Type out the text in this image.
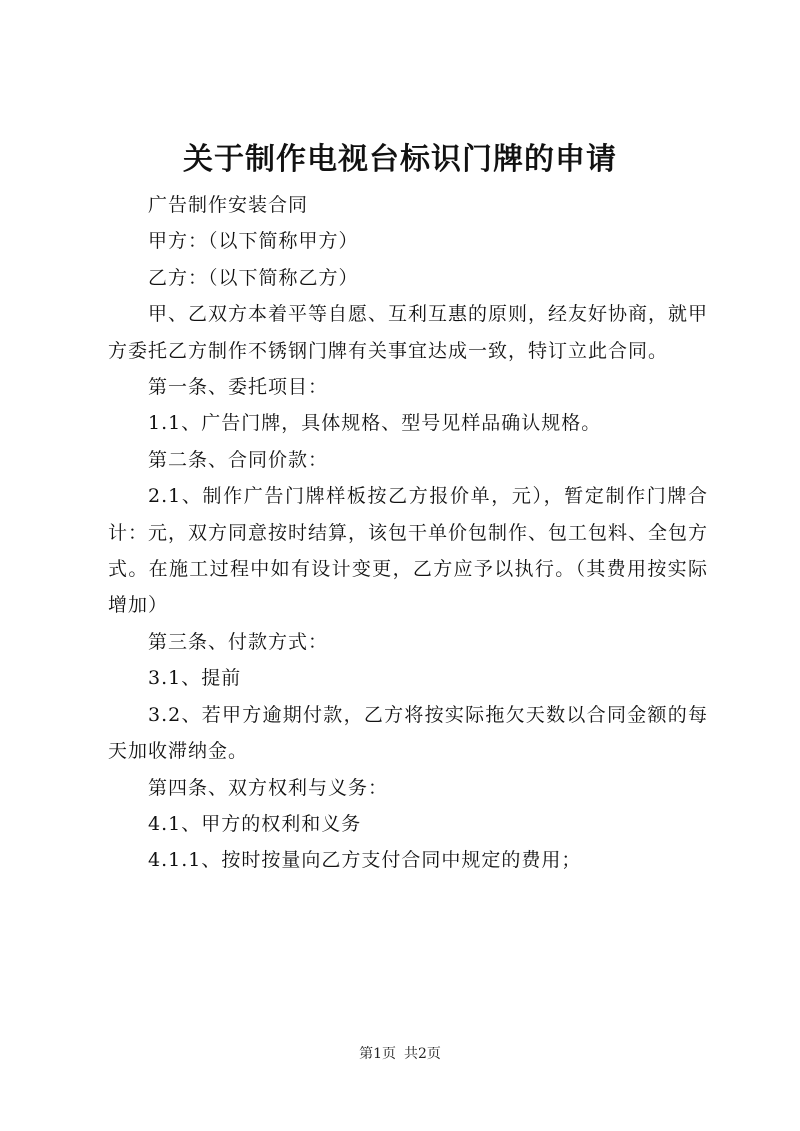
关于制作电视台标识门牌的申请

广告制作安装合同

甲方：（以下简称甲方）

乙方：（以下简称乙方）

甲、乙双方本着平等自愿、互利互惠的原则，经友好协商，就甲方委托乙方制作不锈钢门牌有关事宜达成一致，特订立此合同。

第一条、委托项目：

1.1、广告门牌，具体规格、型号见样品确认规格。

第二条、合同价款：

2.1、制作广告门牌样板按乙方报价单，元），暂定制作门牌合计：元，双方同意按时结算，该包干单价包制作、包工包料、全包方式。在施工过程中如有设计变更，乙方应予以执行。（其费用按实际增加）

第三条、付款方式：

3.1、提前

3.2、若甲方逾期付款，乙方将按实际拖欠天数以合同金额的每天加收滞纳金。

第四条、双方权利与义务：

4.1、甲方的权利和义务

4.1.1、按时按量向乙方支付合同中规定的费用；

第1页 共2页
